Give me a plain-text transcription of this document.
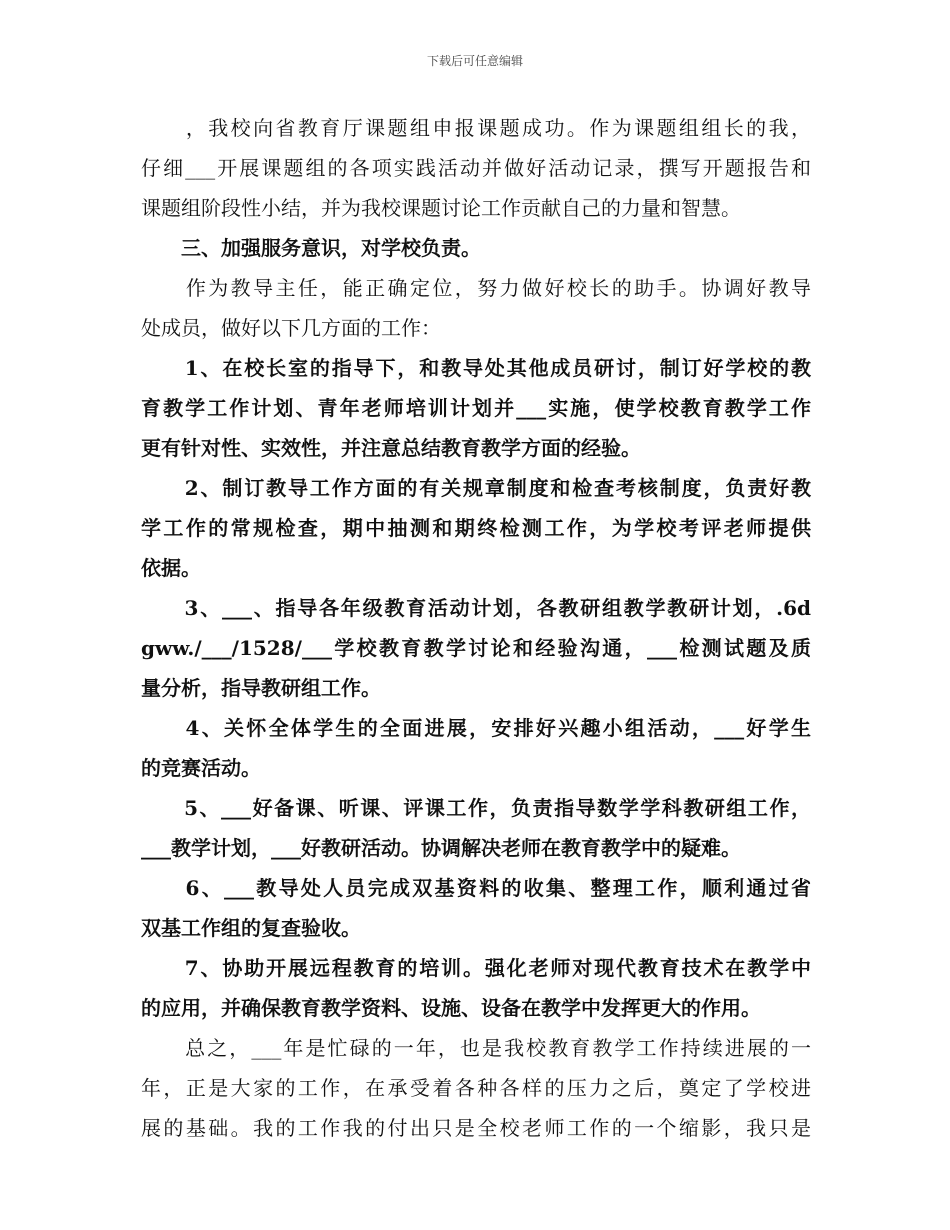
下载后可任意编辑
　　，我校向省教育厅课题组申报课题成功。作为课题组组长的我，
仔细___开展课题组的各项实践活动并做好活动记录，撰写开题报告和
课题组阶段性小结，并为我校课题讨论工作贡献自己的力量和智慧。
　　三、加强服务意识，对学校负责。
　　作为教导主任，能正确定位，努力做好校长的助手。协调好教导
处成员，做好以下几方面的工作：
　　1、在校长室的指导下，和教导处其他成员研讨，制订好学校的教
育教学工作计划、青年老师培训计划并___实施，使学校教育教学工作
更有针对性、实效性，并注意总结教育教学方面的经验。
　　2、制订教导工作方面的有关规章制度和检查考核制度，负责好教
学工作的常规检查，期中抽测和期终检测工作，为学校考评老师提供
依据。
　　3、___、指导各年级教育活动计划，各教研组教学教研计划，.6d
gww./___/1528/___学校教育教学讨论和经验沟通，___检测试题及质
量分析，指导教研组工作。
　　4、关怀全体学生的全面进展，安排好兴趣小组活动，___好学生
的竞赛活动。
　　5、___好备课、听课、评课工作，负责指导数学学科教研组工作，
___教学计划，___好教研活动。协调解决老师在教育教学中的疑难。
　　6、___教导处人员完成双基资料的收集、整理工作，顺利通过省
双基工作组的复查验收。
　　7、协助开展远程教育的培训。强化老师对现代教育技术在教学中
的应用，并确保教育教学资料、设施、设备在教学中发挥更大的作用。
　　总之，___年是忙碌的一年，也是我校教育教学工作持续进展的一
年，正是大家的工作，在承受着各种各样的压力之后，奠定了学校进
展的基础。我的工作我的付出只是全校老师工作的一个缩影，我只是
